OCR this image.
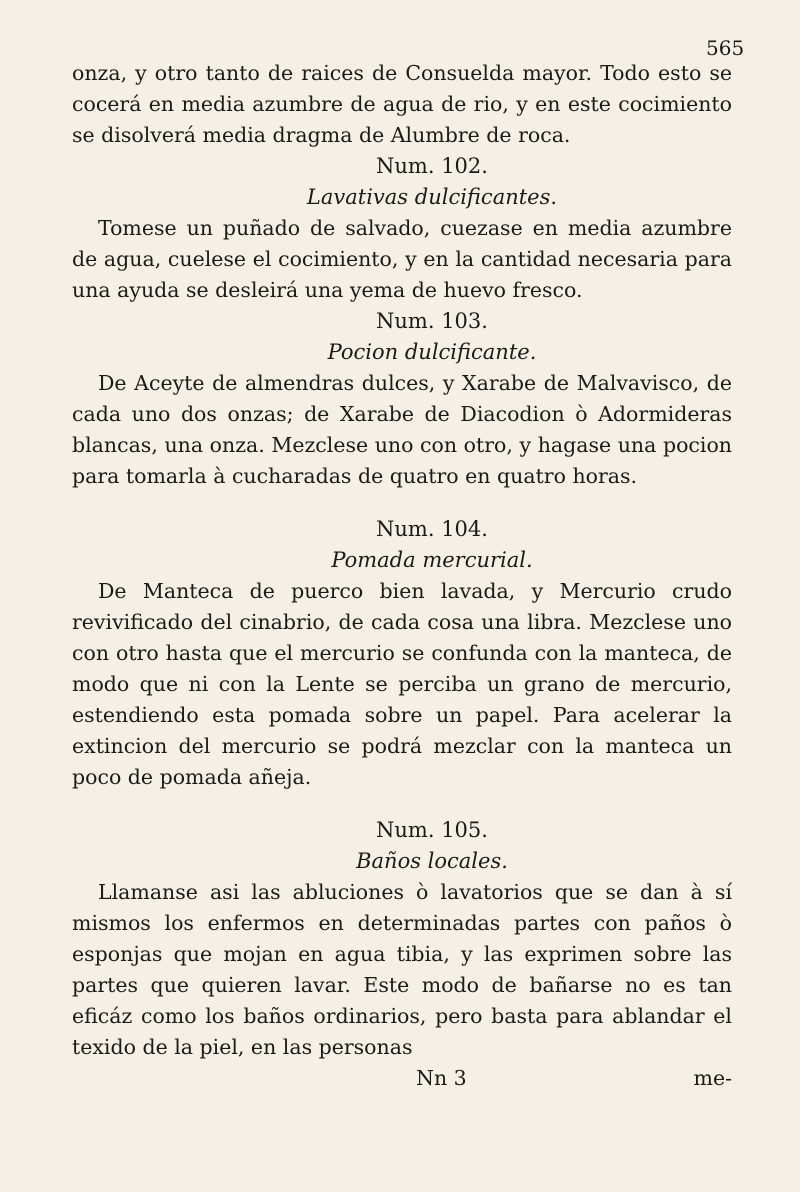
565

onza, y otro tanto de raices de Consuelda mayor. Todo esto se cocerá en media azumbre de agua de rio, y en este cocimiento se disolverá media dragma de Alumbre de roca.

Num. 102.

Lavativas dulcificantes.

Tomese un puñado de salvado, cuezase en media azumbre de agua, cuelese el cocimiento, y en la cantidad necesaria para una ayuda se desleirá una yema de huevo fresco.

Num. 103.

Pocion dulcificante.

De Aceyte de almendras dulces, y Xarabe de Malvavisco, de cada uno dos onzas; de Xarabe de Diacodion ò Adormideras blancas, una onza. Mezclese uno con otro, y hagase una pocion para tomarla à cucharadas de quatro en quatro horas.

Num. 104.

Pomada mercurial.

De Manteca de puerco bien lavada, y Mercurio crudo revivificado del cinabrio, de cada cosa una libra. Mezclese uno con otro hasta que el mercurio se confunda con la manteca, de modo que ni con la Lente se perciba un grano de mercurio, estendiendo esta pomada sobre un papel. Para acelerar la extincion del mercurio se podrá mezclar con la manteca un poco de pomada añeja.

Num. 105.

Baños locales.

Llamanse asi las abluciones ò lavatorios que se dan à sí mismos los enfermos en determinadas partes con paños ò esponjas que mojan en agua tibia, y las exprimen sobre las partes que quieren lavar. Este modo de bañarse no es tan eficáz como los baños ordinarios, pero basta para ablandar el texido de la piel, en las personas

Nn 3	me-
